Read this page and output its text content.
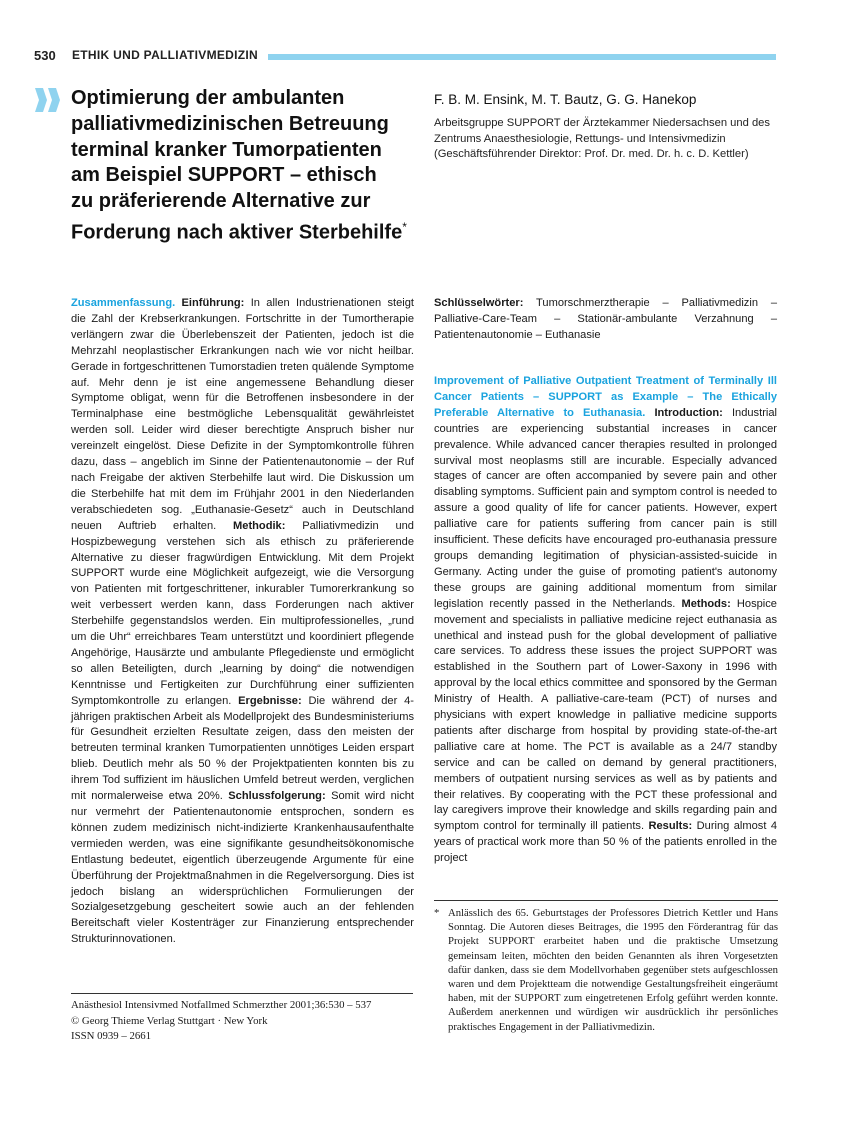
530 ETHIK UND PALLIATIVMEDIZIN
Optimierung der ambulanten
palliativmedizinischen Betreuung
terminal kranker Tumorpatienten
am Beispiel SUPPORT – ethisch
zu präferierende Alternative zur
Forderung nach aktiver Sterbehilfe*
F. B. M. Ensink, M. T. Bautz, G. G. Hanekop
Arbeitsgruppe SUPPORT der Ärztekammer Niedersachsen und des Zentrums Anaesthesiologie, Rettungs- und Intensivmedizin (Geschäftsführender Direktor: Prof. Dr. med. Dr. h. c. D. Kettler)
Zusammenfassung. Einführung: In allen Industrienationen steigt die Zahl der Krebserkrankungen. Fortschritte in der Tumortherapie verlängern zwar die Überlebenszeit der Patienten, jedoch ist die Mehrzahl neoplastischer Erkrankungen nach wie vor nicht heilbar. Gerade in fortgeschrittenen Tumorstadien treten quälende Symptome auf. Mehr denn je ist eine angemessene Behandlung dieser Symptome obligat, wenn für die Betroffenen insbesondere in der Terminalphase eine bestmögliche Lebensqualität gewährleistet werden soll. Leider wird dieser berechtigte Anspruch bisher nur vereinzelt eingelöst. Diese Defizite in der Symptomkontrolle führen dazu, dass – angeblich im Sinne der Patientenautonomie – der Ruf nach Freigabe der aktiven Sterbehilfe laut wird. Die Diskussion um die Sterbehilfe hat mit dem im Frühjahr 2001 in den Niederlanden verabschiedeten sog. „Euthanasie-Gesetz“ auch in Deutschland neuen Auftrieb erhalten. Methodik: Palliativmedizin und Hospizbewegung verstehen sich als ethisch zu präferierende Alternative zu dieser fragwürdigen Entwicklung. Mit dem Projekt SUPPORT wurde eine Möglichkeit aufgezeigt, wie die Versorgung von Patienten mit fortgeschrittener, inkurabler Tumorerkrankung so weit verbessert werden kann, dass Forderungen nach aktiver Sterbehilfe gegenstandslos werden. Ein multiprofessionelles, „rund um die Uhr“ erreichbares Team unterstützt und koordiniert pflegende Angehörige, Hausärzte und ambulante Pflegedienste und ermöglicht so allen Beteiligten, durch „learning by doing“ die notwendigen Kenntnisse und Fertigkeiten zur Durchführung einer suffizienten Symptomkontrolle zu erlangen. Ergebnisse: Die während der 4-jährigen praktischen Arbeit als Modellprojekt des Bundesministeriums für Gesundheit erzielten Resultate zeigen, dass den meisten der betreuten terminal kranken Tumorpatienten unnötiges Leiden erspart blieb. Deutlich mehr als 50 % der Projektpatienten konnten bis zu ihrem Tod suffizient im häuslichen Umfeld betreut werden, verglichen mit normalerweise etwa 20%. Schlussfolgerung: Somit wird nicht nur vermehrt der Patientenautonomie entsprochen, sondern es können zudem medizinisch nicht-indizierte Krankenhausaufenthalte vermieden werden, was eine signifikante gesundheitsökonomische Entlastung bedeutet, eigentlich überzeugende Argumente für eine Überführung der Projektmaßnahmen in die Regelversorgung. Dies ist jedoch bislang an widersprüchlichen Formulierungen der Sozialgesetzgebung gescheitert sowie auch an der fehlenden Bereitschaft vieler Kostenträger zur Finanzierung entsprechender Strukturinnovationen.
Schlüsselwörter: Tumorschmerztherapie – Palliativmedizin – Palliative-Care-Team – Stationär-ambulante Verzahnung – Patientenautonomie – Euthanasie
Improvement of Palliative Outpatient Treatment of Terminally Ill Cancer Patients – SUPPORT as Example – The Ethically Preferable Alternative to Euthanasia. Introduction: Industrial countries are experiencing substantial increases in cancer prevalence. While advanced cancer therapies resulted in prolonged survival most neoplasms still are incurable. Especially advanced stages of cancer are often accompanied by severe pain and other disabling symptoms. Sufficient pain and symptom control is needed to assure a good quality of life for cancer patients. However, expert palliative care for patients suffering from cancer pain is still insufficient. These deficits have encouraged pro-euthanasia pressure groups demanding legitimation of physician-assisted-suicide in Germany. Acting under the guise of promoting patient's autonomy these groups are gaining additional momentum from similar legislation recently passed in the Netherlands. Methods: Hospice movement and specialists in palliative medicine reject euthanasia as unethical and instead push for the global development of palliative care services. To address these issues the project SUPPORT was established in the Southern part of Lower-Saxony in 1996 with approval by the local ethics committee and sponsored by the German Ministry of Health. A palliative-care-team (PCT) of nurses and physicians with expert knowledge in palliative medicine supports patients after discharge from hospital by providing state-of-the-art palliative care at home. The PCT is available as a 24/7 standby service and can be called on demand by general practitioners, members of outpatient nursing services as well as by patients and their relatives. By cooperating with the PCT these professional and lay caregivers improve their knowledge and skills regarding pain and symptom control for terminally ill patients. Results: During almost 4 years of practical work more than 50 % of the patients enrolled in the project
* Anlässlich des 65. Geburtstages der Professores Dietrich Kettler und Hans Sonntag. Die Autoren dieses Beitrages, die 1995 den Förderantrag für das Projekt SUPPORT erarbeitet haben und die praktische Umsetzung gemeinsam leiten, möchten den beiden Genannten als ihren Vorgesetzten dafür danken, dass sie dem Modellvorhaben gegenüber stets aufgeschlossen waren und dem Projektteam die notwendige Gestaltungsfreiheit eingeräumt haben, mit der SUPPORT zum eingetretenen Erfolg geführt werden konnte. Außerdem anerkennen und würdigen wir ausdrücklich ihr persönliches praktisches Engagement in der Palliativmedizin.
Anästhesiol Intensivmed Notfallmed Schmerzther 2001;36:530 – 537
© Georg Thieme Verlag Stuttgart · New York
ISSN 0939 – 2661
